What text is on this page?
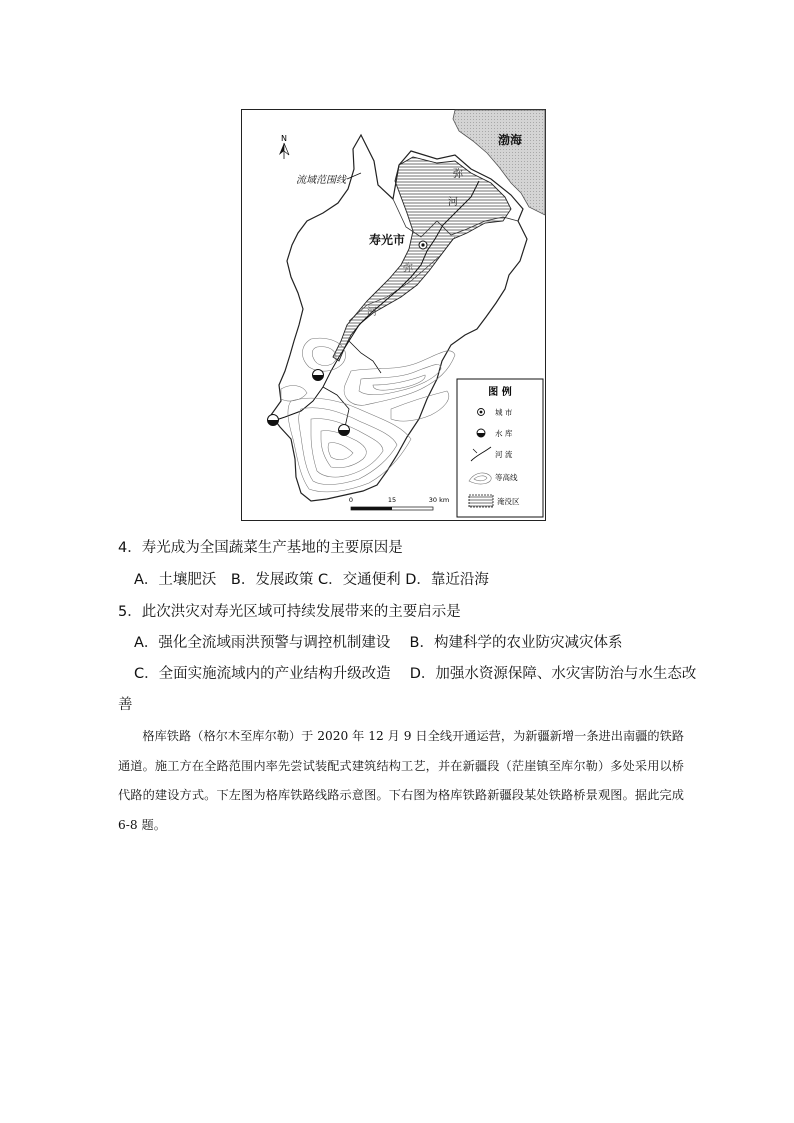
N	渤海
流域范围线
寿光市
弥
河
弥
河
0	15	30 km
图 例
城 市
水 库
河 流
等高线
淹没区
4．寿光成为全国蔬菜生产基地的主要原因是
A．土壤肥沃　B．发展政策 C．交通便利 D．靠近沿海
5．此次洪灾对寿光区域可持续发展带来的主要启示是
A．强化全流域雨洪预警与调控机制建设　 B．构建科学的农业防灾减灾体系
C．全面实施流域内的产业结构升级改造　 D．加强水资源保障、水灾害防治与水生态改
善

格库铁路（格尔木至库尔勒）于 2020 年 12 月 9 日全线开通运营，为新疆新增一条进出南疆的铁路通道。施工方在全路范围内率先尝试装配式建筑结构工艺，并在新疆段（茫崖镇至库尔勒）多处采用以桥代路的建设方式。下左图为格库铁路线路示意图。下右图为格库铁路新疆段某处铁路桥景观图。据此完成 6-8 题。
